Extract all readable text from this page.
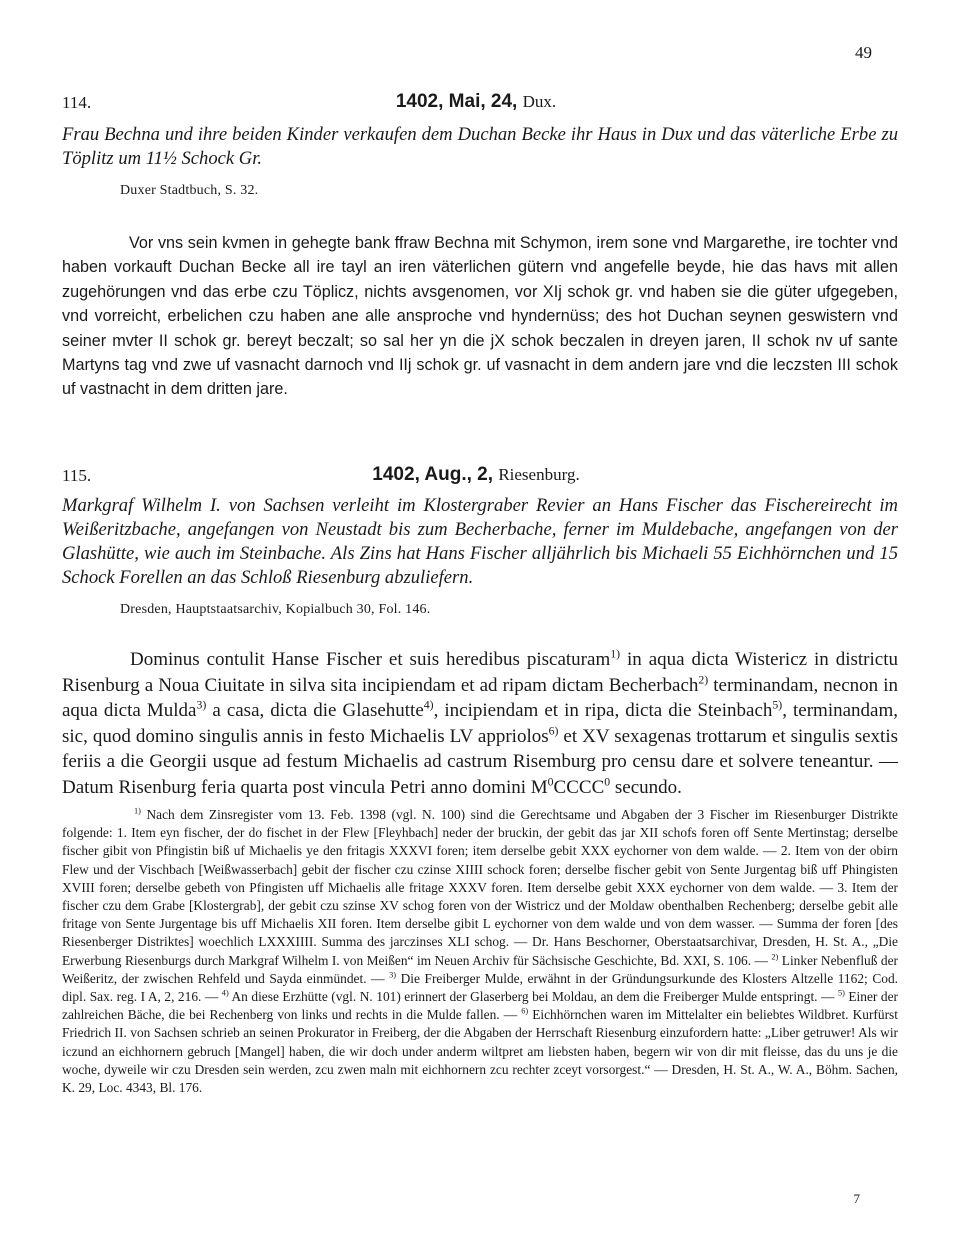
49
114.	1402, Mai, 24, Dux.
Frau Bechna und ihre beiden Kinder verkaufen dem Duchan Becke ihr Haus in Dux und das väterliche Erbe zu Töplitz um 11½ Schock Gr.
Duxer Stadtbuch, S. 32.

Vor vns sein kvmen in gehegte bank ffraw Bechna mit Schymon, irem sone vnd Margarethe, ire tochter vnd haben vorkauft Duchan Becke all ire tayl an iren väterlichen gütern vnd angefelle beyde, hie das havs mit allen zugehörungen vnd das erbe czu Töplicz, nichts avsgenomen, vor XIj schok gr. vnd haben sie die güter ufgegeben, vnd vorreicht, erbelichen czu haben ane alle ansproche vnd hyndernüss; des hot Duchan seynen geswistern vnd seiner mvter II schok gr. bereyt beczalt; so sal her yn die jX schok beczalen in dreyen jaren, II schok nv uf sante Martyns tag vnd zwe uf vasnacht darnoch vnd IIj schok gr. uf vasnacht in dem andern jare vnd die leczsten III schok uf vastnacht in dem dritten jare.

115.	1402, Aug., 2, Riesenburg.
Markgraf Wilhelm I. von Sachsen verleiht im Klostergraber Revier an Hans Fischer das Fischereirecht im Weißeritzbache, angefangen von Neustadt bis zum Becherbache, ferner im Muldebache, angefangen von der Glashütte, wie auch im Steinbache. Als Zins hat Hans Fischer alljährlich bis Michaeli 55 Eichhörnchen und 15 Schock Forellen an das Schloß Riesenburg abzuliefern.
Dresden, Hauptstaatsarchiv, Kopialbuch 30, Fol. 146.

Dominus contulit Hanse Fischer et suis heredibus piscaturam$^{1)}$ in aqua dicta Wistericz in districtu Risenburg a Noua Ciuitate in silva sita incipiendam et ad ripam dictam Becherbach$^{2)}$ terminandam, necnon in aqua dicta Mulda$^{3)}$ a casa, dicta die Glasehutte$^{4)}$, incipiendam et in ripa, dicta die Steinbach$^{5)}$, terminandam, sic, quod domino singulis annis in festo Michaelis LV appriolos$^{6)}$ et XV sexagenas trottarum et singulis sextis feriis a die Georgii usque ad festum Michaelis ad castrum Risemburg pro censu dare et solvere teneantur. — Datum Risenburg feria quarta post vincula Petri anno domini $M^0CCCC^0$ secundo.

$^{1)}$ Nach dem Zinsregister vom 13. Feb. 1398 (vgl. N. 100) sind die Gerechtsame und Abgaben der 3 Fischer im Riesenburger Distrikte folgende: 1. Item eyn fischer, der do fischet in der Flew [Fleyhbach] neder der bruckin, der gebit das jar XII schofs foren off Sente Mertinstag; derselbe fischer gibit von Pfingistin biß uf Michaelis ye den fritagis XXXVI foren; item derselbe gebit XXX eychorner von dem walde. — 2. Item von der obirn Flew und der Vischbach [Weißwasserbach] gebit der fischer czu czinse XIIII schock foren; derselbe fischer gebit von Sente Jurgentag biß uff Phingisten XVIII foren; derselbe gebeth von Pfingisten uff Michaelis alle fritage XXXV foren. Item derselbe gebit XXX eychorner von dem walde. — 3. Item der fischer czu dem Grabe [Klostergrab], der gebit czu szinse XV schog foren von der Wistricz und der Moldaw obenthalben Rechenberg; derselbe gebit alle fritage von Sente Jurgentage bis uff Michaelis XII foren. Item derselbe gibit L eychorner von dem walde und von dem wasser. — Summa der foren [des Riesenberger Distriktes] woechlich LXXXIIII. Summa des jarczinses XLI schog. — Dr. Hans Beschorner, Oberstaatsarchivar, Dresden, H. St. A., „Die Erwerbung Riesenburgs durch Markgraf Wilhelm I. von Meißen“ im Neuen Archiv für Sächsische Geschichte, Bd. XXI, S. 106. — $^{2)}$ Linker Nebenfluß der Weißeritz, der zwischen Rehfeld und Sayda einmündet. — $^{3)}$ Die Freiberger Mulde, erwähnt in der Gründungsurkunde des Klosters Altzelle 1162; Cod. dipl. Sax. reg. I A, 2, 216. — $^{4)}$ An diese Erzhütte (vgl. N. 101) erinnert der Glaserberg bei Moldau, an dem die Freiberger Mulde entspringt. — $^{5)}$ Einer der zahlreichen Bäche, die bei Rechenberg von links und rechts in die Mulde fallen. — $^{6)}$ Eichhörnchen waren im Mittelalter ein beliebtes Wildbret. Kurfürst Friedrich II. von Sachsen schrieb an seinen Prokurator in Freiberg, der die Abgaben der Herrschaft Riesenburg einzufordern hatte: „Liber getruwer! Als wir iczund an eichhornern gebruch [Mangel] haben, die wir doch under anderm wiltpret am liebsten haben, begern wir von dir mit fleisse, das du uns je die woche, dyweile wir czu Dresden sein werden, zcu zwen maln mit eichhornern zcu rechter zceyt vorsorgest.“ — Dresden, H. St. A., W. A., Böhm. Sachen, K. 29, Loc. 4343, Bl. 176.

7
